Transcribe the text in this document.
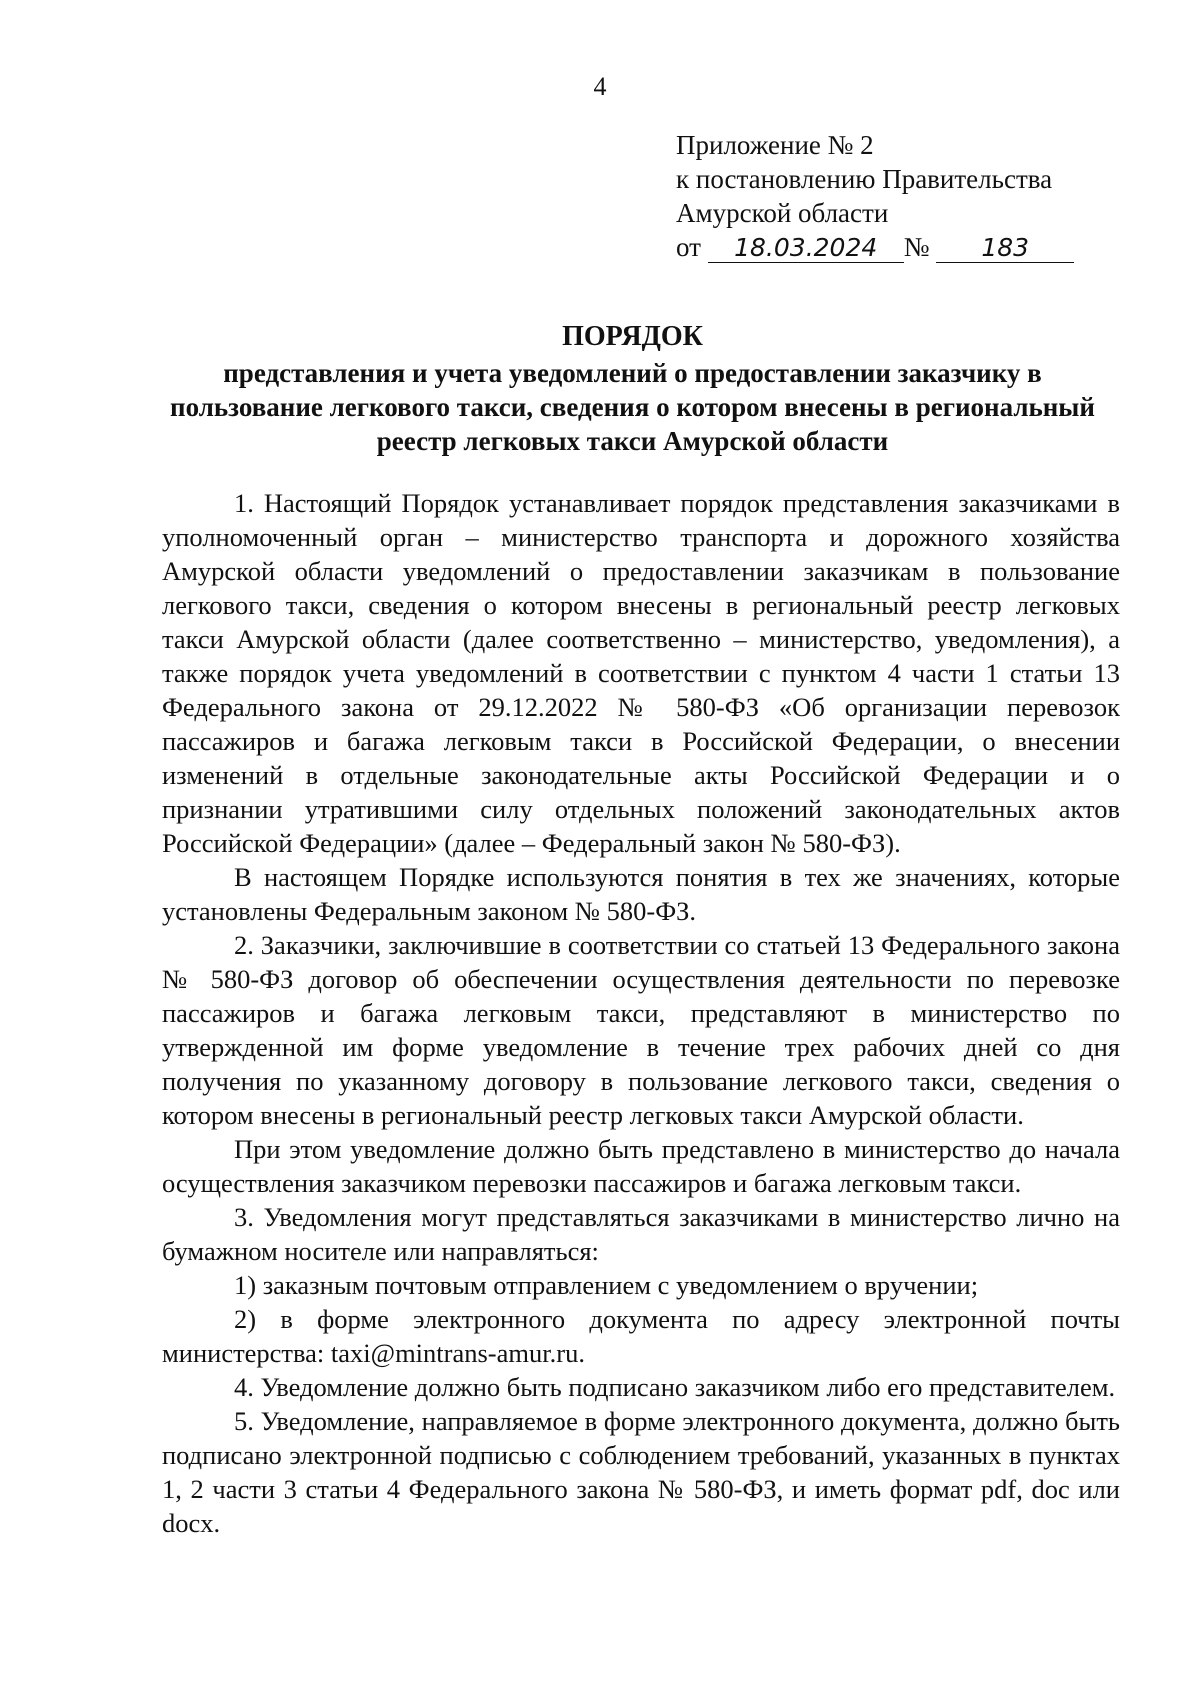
4
Приложение № 2
к постановлению Правительства
Амурской области
от 18.03.2024 № 183
ПОРЯДОК
представления и учета уведомлений о предоставлении заказчику в пользование легкового такси, сведения о котором внесены в региональный реестр легковых такси Амурской области

1. Настоящий Порядок устанавливает порядок представления заказчиками в уполномоченный орган – министерство транспорта и дорожного хозяйства Амурской области уведомлений о предоставлении заказчикам в пользование легкового такси, сведения о котором внесены в региональный реестр легковых такси Амурской области (далее соответственно – министерство, уведомления), а также порядок учета уведомлений в соответствии с пунктом 4 части 1 статьи 13 Федерального закона от 29.12.2022 № 580-ФЗ «Об организации перевозок пассажиров и багажа легковым такси в Российской Федерации, о внесении изменений в отдельные законодательные акты Российской Федерации и о признании утратившими силу отдельных положений законодательных актов Российской Федерации» (далее – Федеральный закон № 580-ФЗ).

В настоящем Порядке используются понятия в тех же значениях, которые установлены Федеральным законом № 580-ФЗ.

2. Заказчики, заключившие в соответствии со статьей 13 Федерального закона № 580-ФЗ договор об обеспечении осуществления деятельности по перевозке пассажиров и багажа легковым такси, представляют в министерство по утвержденной им форме уведомление в течение трех рабочих дней со дня получения по указанному договору в пользование легкового такси, сведения о котором внесены в региональный реестр легковых такси Амурской области.

При этом уведомление должно быть представлено в министерство до начала осуществления заказчиком перевозки пассажиров и багажа легковым такси.

3. Уведомления могут представляться заказчиками в министерство лично на бумажном носителе или направляться:

1) заказным почтовым отправлением с уведомлением о вручении;

2) в форме электронного документа по адресу электронной почты министерства: taxi@mintrans-amur.ru.

4. Уведомление должно быть подписано заказчиком либо его представителем.

5. Уведомление, направляемое в форме электронного документа, должно быть подписано электронной подписью с соблюдением требований, указанных в пунктах 1, 2 части 3 статьи 4 Федерального закона № 580-ФЗ, и иметь формат pdf, doc или docx.
